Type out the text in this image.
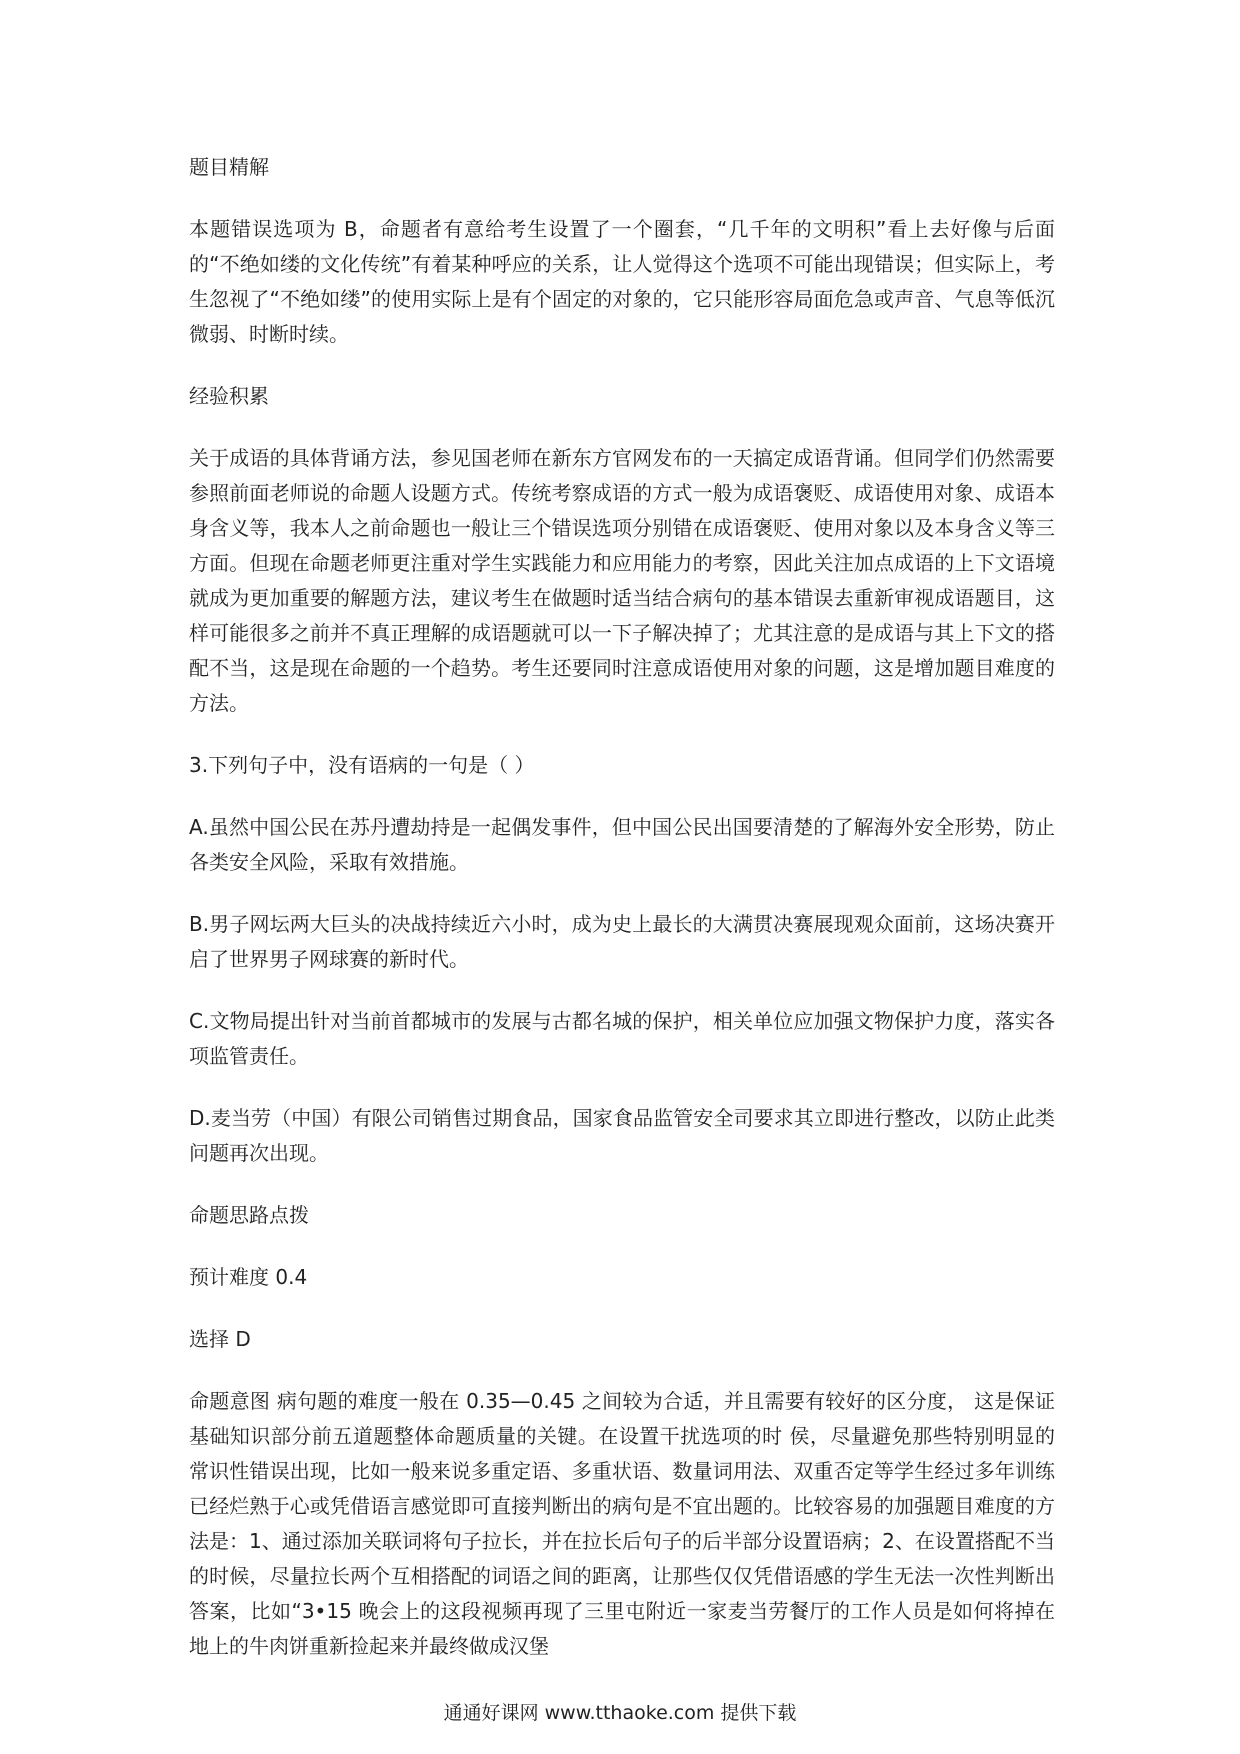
题目精解

本题错误选项为 B，命题者有意给考生设置了一个圈套，“几千年的文明积”看上去好像与后面的“不绝如缕的文化传统”有着某种呼应的关系，让人觉得这个选项不可能出现错误；但实际上，考生忽视了“不绝如缕”的使用实际上是有个固定的对象的，它只能形容局面危急或声音、气息等低沉微弱、时断时续。

经验积累

关于成语的具体背诵方法，参见国老师在新东方官网发布的一天搞定成语背诵。但同学们仍然需要参照前面老师说的命题人设题方式。传统考察成语的方式一般为成语褒贬、成语使用对象、成语本身含义等，我本人之前命题也一般让三个错误选项分别错在成语褒贬、使用对象以及本身含义等三方面。但现在命题老师更注重对学生实践能力和应用能力的考察，因此关注加点成语的上下文语境就成为更加重要的解题方法，建议考生在做题时适当结合病句的基本错误去重新审视成语题目，这样可能很多之前并不真正理解的成语题就可以一下子解决掉了；尤其注意的是成语与其上下文的搭配不当，这是现在命题的一个趋势。考生还要同时注意成语使用对象的问题，这是增加题目难度的方法。

3.下列句子中，没有语病的一句是（ ）

A.虽然中国公民在苏丹遭劫持是一起偶发事件，但中国公民出国要清楚的了解海外安全形势，防止各类安全风险，采取有效措施。

B.男子网坛两大巨头的决战持续近六小时，成为史上最长的大满贯决赛展现观众面前，这场决赛开启了世界男子网球赛的新时代。

C.文物局提出针对当前首都城市的发展与古都名城的保护，相关单位应加强文物保护力度，落实各项监管责任。

D.麦当劳（中国）有限公司销售过期食品，国家食品监管安全司要求其立即进行整改，以防止此类问题再次出现。

命题思路点拨

预计难度 0.4

选择 D

命题意图 病句题的难度一般在 0.35—0.45 之间较为合适，并且需要有较好的区分度， 这是保证基础知识部分前五道题整体命题质量的关键。在设置干扰选项的时 侯，尽量避免那些特别明显的常识性错误出现，比如一般来说多重定语、多重状语、数量词用法、双重否定等学生经过多年训练已经烂熟于心或凭借语言感觉即可直接判断出的病句是不宜出题的。比较容易的加强题目难度的方法是：1、通过添加关联词将句子拉长，并在拉长后句子的后半部分设置语病；2、在设置搭配不当的时候，尽量拉长两个互相搭配的词语之间的距离，让那些仅仅凭借语感的学生无法一次性判断出答案，比如“3•15 晚会上的这段视频再现了三里屯附近一家麦当劳餐厅的工作人员是如何将掉在地上的牛肉饼重新捡起来并最终做成汉堡

通通好课网 www.tthaoke.com 提供下载
